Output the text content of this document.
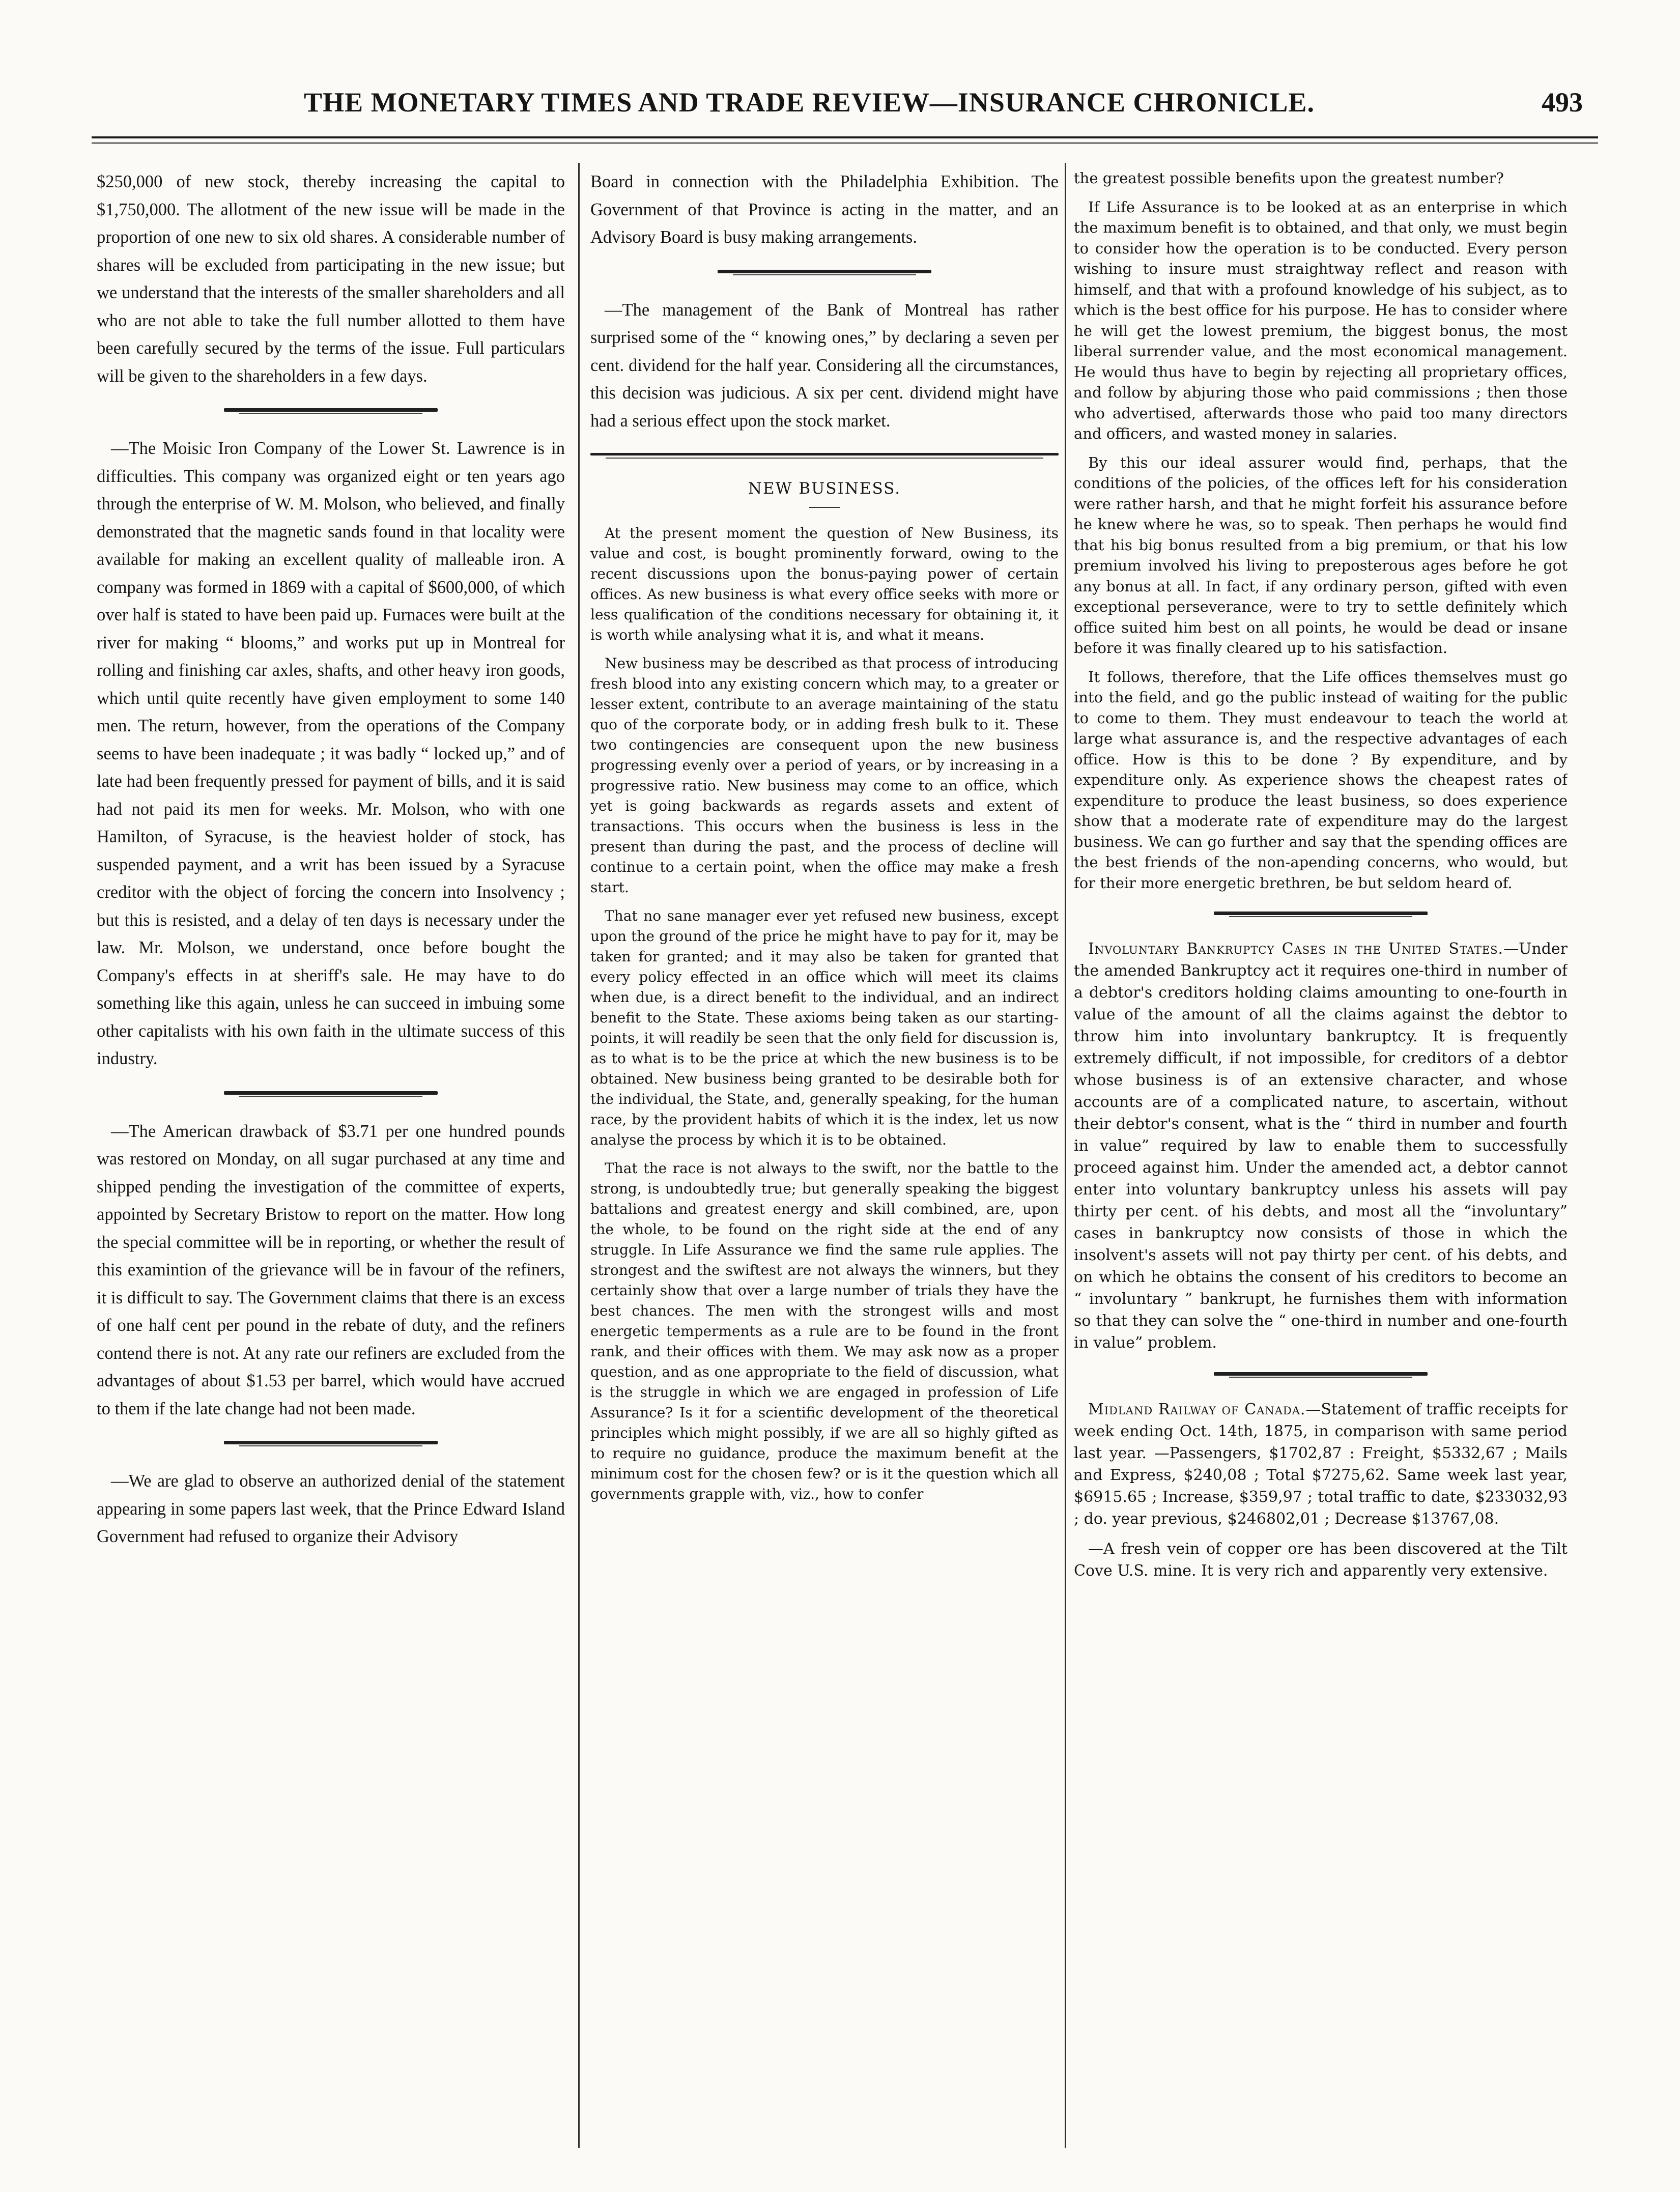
THE MONETARY TIMES AND TRADE REVIEW—INSURANCE CHRONICLE.	493

$250,000 of new stock, thereby increasing the capital to $1,750,000. The allotment of the new issue will be made in the proportion of one new to six old shares. A considerable number of shares will be excluded from participating in the new issue; but we understand that the interests of the smaller shareholders and all who are not able to take the full number allotted to them have been carefully secured by the terms of the issue. Full particulars will be given to the shareholders in a few days.

—The Moisic Iron Company of the Lower St. Lawrence is in difficulties. This company was organized eight or ten years ago through the enterprise of W. M. Molson, who believed, and finally demonstrated that the magnetic sands found in that locality were available for making an excellent quality of malleable iron. A company was formed in 1869 with a capital of $600,000, of which over half is stated to have been paid up. Furnaces were built at the river for making “ blooms,” and works put up in Montreal for rolling and finishing car axles, shafts, and other heavy iron goods, which until quite recently have given employment to some 140 men. The return, however, from the operations of the Company seems to have been inadequate ; it was badly “ locked up,” and of late had been frequently pressed for payment of bills, and it is said had not paid its men for weeks. Mr. Molson, who with one Hamilton, of Syracuse, is the heaviest holder of stock, has suspended payment, and a writ has been issued by a Syracuse creditor with the object of forcing the concern into Insolvency ; but this is resisted, and a delay of ten days is necessary under the law. Mr. Molson, we understand, once before bought the Company's effects in at sheriff's sale. He may have to do something like this again, unless he can succeed in imbuing some other capitalists with his own faith in the ultimate success of this industry.

—The American drawback of $3.71 per one hundred pounds was restored on Monday, on all sugar purchased at any time and shipped pending the investigation of the committee of experts, appointed by Secretary Bristow to report on the matter. How long the special committee will be in reporting, or whether the result of this examintion of the grievance will be in favour of the refiners, it is difficult to say. The Government claims that there is an excess of one half cent per pound in the rebate of duty, and the refiners contend there is not. At any rate our refiners are excluded from the advantages of about $1.53 per barrel, which would have accrued to them if the late change had not been made.

—We are glad to observe an authorized denial of the statement appearing in some papers last week, that the Prince Edward Island Government had refused to organize their Advisory

Board in connection with the Philadelphia Exhibition. The Government of that Province is acting in the matter, and an Advisory Board is busy making arrangements.

—The management of the Bank of Montreal has rather surprised some of the “ knowing ones,” by declaring a seven per cent. dividend for the half year. Considering all the circumstances, this decision was judicious. A six per cent. dividend might have had a serious effect upon the stock market.

NEW BUSINESS.

At the present moment the question of New Business, its value and cost, is bought prominently forward, owing to the recent discussions upon the bonus-paying power of certain offices. As new business is what every office seeks with more or less qualification of the conditions necessary for obtaining it, it is worth while analysing what it is, and what it means.

New business may be described as that process of introducing fresh blood into any existing concern which may, to a greater or lesser extent, contribute to an average maintaining of the statu quo of the corporate body, or in adding fresh bulk to it. These two contingencies are consequent upon the new business progressing evenly over a period of years, or by increasing in a progressive ratio. New business may come to an office, which yet is going backwards as regards assets and extent of transactions. This occurs when the business is less in the present than during the past, and the process of decline will continue to a certain point, when the office may make a fresh start.

That no sane manager ever yet refused new business, except upon the ground of the price he might have to pay for it, may be taken for granted; and it may also be taken for granted that every policy effected in an office which will meet its claims when due, is a direct benefit to the individual, and an indirect benefit to the State. These axioms being taken as our starting-points, it will readily be seen that the only field for discussion is, as to what is to be the price at which the new business is to be obtained. New business being granted to be desirable both for the individual, the State, and, generally speaking, for the human race, by the provident habits of which it is the index, let us now analyse the process by which it is to be obtained.

That the race is not always to the swift, nor the battle to the strong, is undoubtedly true; but generally speaking the biggest battalions and greatest energy and skill combined, are, upon the whole, to be found on the right side at the end of any struggle. In Life Assurance we find the same rule applies. The strongest and the swiftest are not always the winners, but they certainly show that over a large number of trials they have the best chances. The men with the strongest wills and most energetic temperments as a rule are to be found in the front rank, and their offices with them. We may ask now as a proper question, and as one appropriate to the field of discussion, what is the struggle in which we are engaged in profession of Life Assurance? Is it for a scientific development of the theoretical principles which might possibly, if we are all so highly gifted as to require no guidance, produce the maximum benefit at the minimum cost for the chosen few? or is it the question which all governments grapple with, viz., how to confer

the greatest possible benefits upon the greatest number?

If Life Assurance is to be looked at as an enterprise in which the maximum benefit is to obtained, and that only, we must begin to consider how the operation is to be conducted. Every person wishing to insure must straightway reflect and reason with himself, and that with a profound knowledge of his subject, as to which is the best office for his purpose. He has to consider where he will get the lowest premium, the biggest bonus, the most liberal surrender value, and the most economical management. He would thus have to begin by rejecting all proprietary offices, and follow by abjuring those who paid commissions ; then those who advertised, afterwards those who paid too many directors and officers, and wasted money in salaries.

By this our ideal assurer would find, perhaps, that the conditions of the policies, of the offices left for his consideration were rather harsh, and that he might forfeit his assurance before he knew where he was, so to speak. Then perhaps he would find that his big bonus resulted from a big premium, or that his low premium involved his living to preposterous ages before he got any bonus at all. In fact, if any ordinary person, gifted with even exceptional perseverance, were to try to settle definitely which office suited him best on all points, he would be dead or insane before it was finally cleared up to his satisfaction.

It follows, therefore, that the Life offices themselves must go into the field, and go the public instead of waiting for the public to come to them. They must endeavour to teach the world at large what assurance is, and the respective advantages of each office. How is this to be done ? By expenditure, and by expenditure only. As experience shows the cheapest rates of expenditure to produce the least business, so does experience show that a moderate rate of expenditure may do the largest business. We can go further and say that the spending offices are the best friends of the non-apending concerns, who would, but for their more energetic brethren, be but seldom heard of.

Involuntary Bankruptcy Cases in the United States.—Under the amended Bankruptcy act it requires one-third in number of a debtor's creditors holding claims amounting to one-fourth in value of the amount of all the claims against the debtor to throw him into involuntary bankruptcy. It is frequently extremely difficult, if not impossible, for creditors of a debtor whose business is of an extensive character, and whose accounts are of a complicated nature, to ascertain, without their debtor's consent, what is the “ third in number and fourth in value” required by law to enable them to successfully proceed against him. Under the amended act, a debtor cannot enter into voluntary bankruptcy unless his assets will pay thirty per cent. of his debts, and most all the “involuntary” cases in bankruptcy now consists of those in which the insolvent's assets will not pay thirty per cent. of his debts, and on which he obtains the consent of his creditors to become an “ involuntary ” bankrupt, he furnishes them with information so that they can solve the “ one-third in number and one-fourth in value” problem.

Midland Railway of Canada.—Statement of traffic receipts for week ending Oct. 14th, 1875, in comparison with same period last year. —Passengers, $1702,87 : Freight, $5332,67 ; Mails and Express, $240,08 ; Total $7275,62. Same week last year, $6915.65 ; Increase, $359,97 ; total traffic to date, $233032,93 ; do. year previous, $246802,01 ; Decrease $13767,08.

—A fresh vein of copper ore has been discovered at the Tilt Cove U.S. mine. It is very rich and apparently very extensive.
